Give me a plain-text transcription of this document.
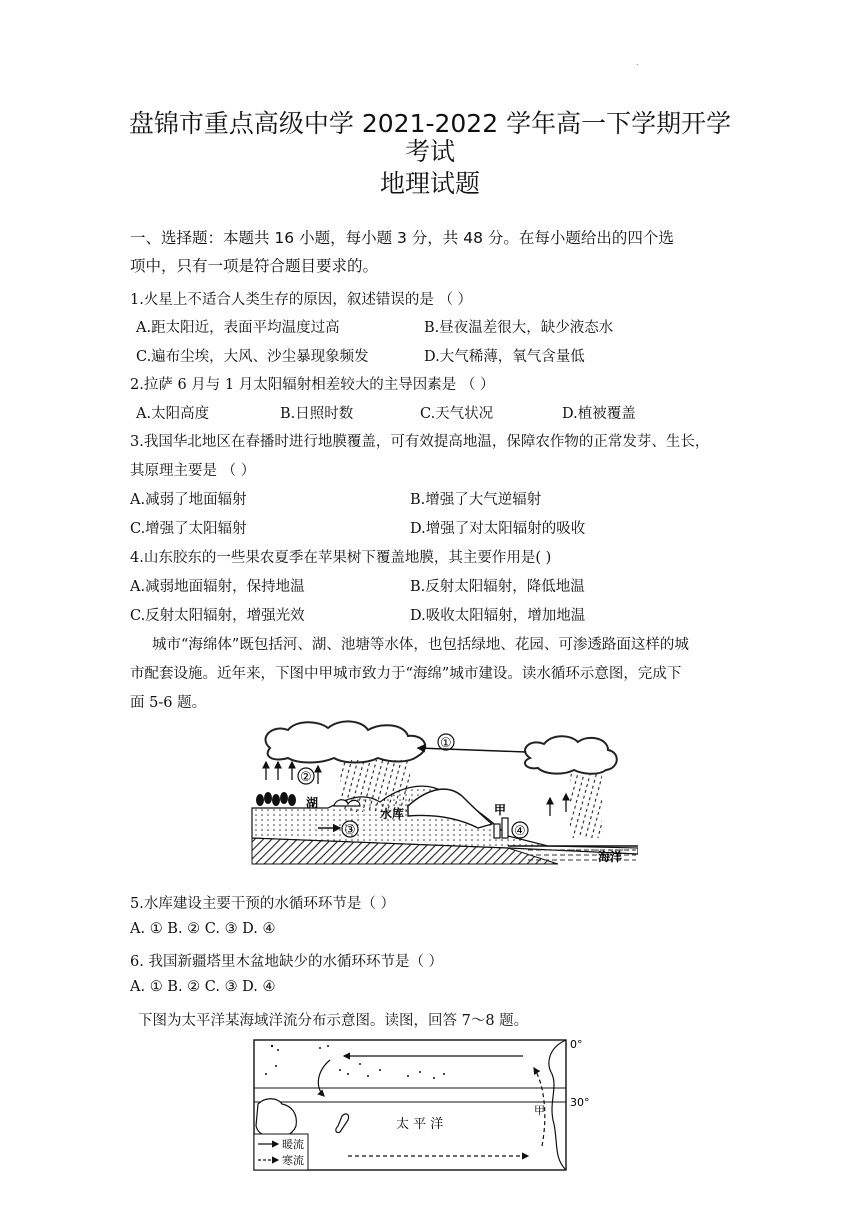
.
盘锦市重点高级中学 2021-2022 学年高一下学期开学
考试
地理试题
一、选择题：本题共 16 小题，每小题 3 分，共 48 分。在每小题给出的四个选
项中，只有一项是符合题目要求的。
1.火星上不适合人类生存的原因，叙述错误的是 （ ）
A.距太阳近，表面平均温度过高	B.昼夜温差很大，缺少液态水
C.遍布尘埃，大风、沙尘暴现象频发	D.大气稀薄，氧气含量低
2.拉萨 6 月与 1 月太阳辐射相差较大的主导因素是 （ ）
A.太阳高度	B.日照时数	C.天气状况	D.植被覆盖
3.我国华北地区在春播时进行地膜覆盖，可有效提高地温，保障农作物的正常发芽、生长，
其原理主要是 （ ）
A.减弱了地面辐射	B.增强了大气逆辐射
C.增强了太阳辐射	D.增强了对太阳辐射的吸收
4.山东胶东的一些果农夏季在苹果树下覆盖地膜，其主要作用是( )
A.减弱地面辐射，保持地温	B.反射太阳辐射，降低地温
C.反射太阳辐射，增强光效	D.吸收太阳辐射，增加地温
城市“海绵体”既包括河、湖、池塘等水体，也包括绿地、花园、可渗透路面这样的城
市配套设施。近年来，下图中甲城市致力于“海绵”城市建设。读水循环示意图，完成下
面 5-6 题。
①
②
湖
水库
海洋
③
甲
④
5.水库建设主要干预的水循环环节是（ ）
A. ① B. ② C. ③ D. ④
6. 我国新疆塔里木盆地缺少的水循环环节是（ ）
A. ① B. ② C. ③ D. ④
下图为太平洋某海域洋流分布示意图。读图，回答 7～8 题。
0°
30°
太 平 洋
甲
暖流
寒流
